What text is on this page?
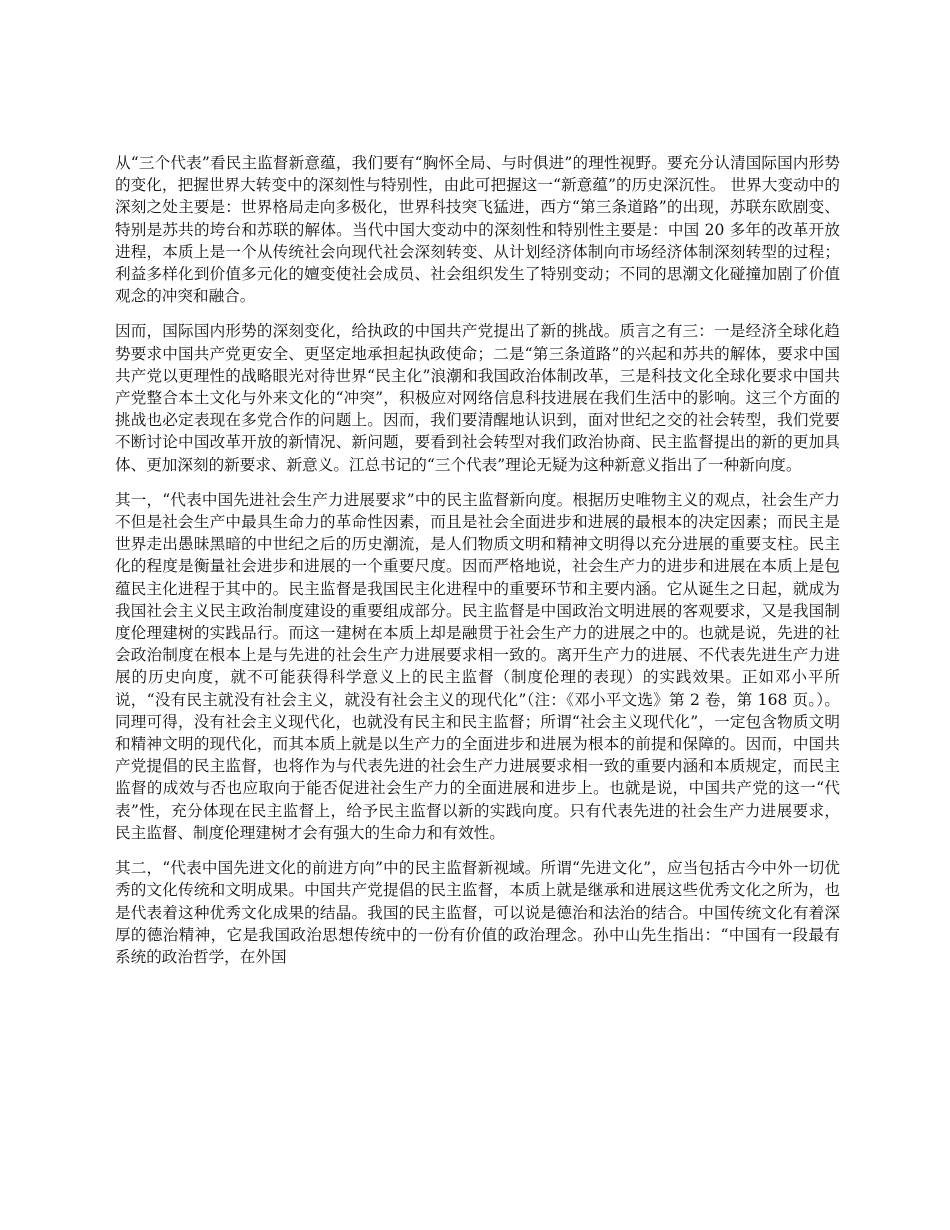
从“三个代表”看民主监督新意蕴，我们要有“胸怀全局、与时俱进”的理性视野。要充分认清国际国内形势的变化，把握世界大转变中的深刻性与特别性，由此可把握这一“新意蕴”的历史深沉性。 世界大变动中的深刻之处主要是：世界格局走向多极化，世界科技突飞猛进，西方“第三条道路”的出现，苏联东欧剧变、特别是苏共的垮台和苏联的解体。当代中国大变动中的深刻性和特别性主要是：中国 20 多年的改革开放进程，本质上是一个从传统社会向现代社会深刻转变、从计划经济体制向市场经济体制深刻转型的过程；利益多样化到价值多元化的嬗变使社会成员、社会组织发生了特别变动；不同的思潮文化碰撞加剧了价值观念的冲突和融合。

因而，国际国内形势的深刻变化，给执政的中国共产党提出了新的挑战。质言之有三：一是经济全球化趋势要求中国共产党更安全、更坚定地承担起执政使命；二是“第三条道路”的兴起和苏共的解体，要求中国共产党以更理性的战略眼光对待世界“民主化”浪潮和我国政治体制改革，三是科技文化全球化要求中国共产党整合本土文化与外来文化的“冲突”，积极应对网络信息科技进展在我们生活中的影响。这三个方面的挑战也必定表现在多党合作的问题上。因而，我们要清醒地认识到，面对世纪之交的社会转型，我们党要不断讨论中国改革开放的新情况、新问题，要看到社会转型对我们政治协商、民主监督提出的新的更加具体、更加深刻的新要求、新意义。江总书记的“三个代表”理论无疑为这种新意义指出了一种新向度。

其一，“代表中国先进社会生产力进展要求”中的民主监督新向度。根据历史唯物主义的观点，社会生产力不但是社会生产中最具生命力的革命性因素，而且是社会全面进步和进展的最根本的决定因素；而民主是世界走出愚昧黑暗的中世纪之后的历史潮流，是人们物质文明和精神文明得以充分进展的重要支柱。民主化的程度是衡量社会进步和进展的一个重要尺度。因而严格地说，社会生产力的进步和进展在本质上是包蕴民主化进程于其中的。民主监督是我国民主化进程中的重要环节和主要内涵。它从诞生之日起，就成为我国社会主义民主政治制度建设的重要组成部分。民主监督是中国政治文明进展的客观要求，又是我国制度伦理建树的实践品行。而这一建树在本质上却是融贯于社会生产力的进展之中的。也就是说，先进的社会政治制度在根本上是与先进的社会生产力进展要求相一致的。离开生产力的进展、不代表先进生产力进展的历史向度，就不可能获得科学意义上的民主监督（制度伦理的表现）的实践效果。正如邓小平所说，“没有民主就没有社会主义，就没有社会主义的现代化”（注：《邓小平文选》第 2 卷，第 168 页。）。同理可得，没有社会主义现代化，也就没有民主和民主监督；所谓“社会主义现代化”，一定包含物质文明和精神文明的现代化，而其本质上就是以生产力的全面进步和进展为根本的前提和保障的。因而，中国共产党提倡的民主监督，也将作为与代表先进的社会生产力进展要求相一致的重要内涵和本质规定，而民主监督的成效与否也应取向于能否促进社会生产力的全面进展和进步上。也就是说，中国共产党的这一“代表”性，充分体现在民主监督上，给予民主监督以新的实践向度。只有代表先进的社会生产力进展要求，民主监督、制度伦理建树才会有强大的生命力和有效性。

其二，“代表中国先进文化的前进方向”中的民主监督新视域。所谓“先进文化”，应当包括古今中外一切优秀的文化传统和文明成果。中国共产党提倡的民主监督，本质上就是继承和进展这些优秀文化之所为，也是代表着这种优秀文化成果的结晶。我国的民主监督，可以说是德治和法治的结合。中国传统文化有着深厚的德治精神，它是我国政治思想传统中的一份有价值的政治理念。孙中山先生指出：“中国有一段最有系统的政治哲学，在外国
